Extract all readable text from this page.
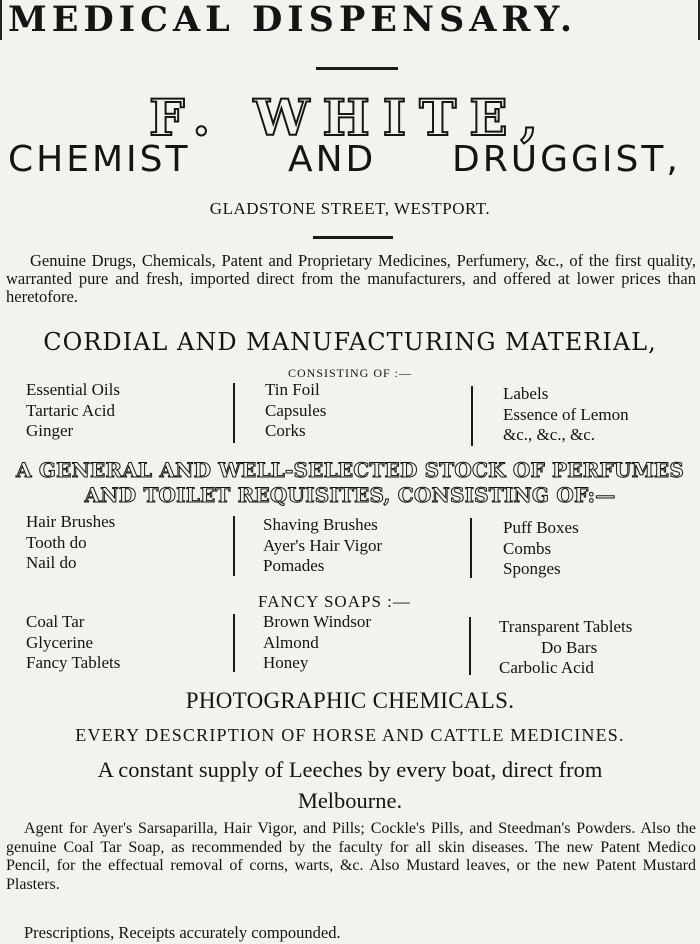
MEDICAL DISPENSARY.
F. WHITE,
CHEMIST	AND DRUGGIST,
GLADSTONE STREET, WESTPORT.

Genuine Drugs, Chemicals, Patent and Proprietary Medicines, Perfumery, &c., of the first quality, warranted pure and fresh, imported direct from the manufacturers, and offered at lower prices than heretofore.

CORDIAL AND MANUFACTURING MATERIAL,
CONSISTING OF :—
Essential Oils
Tartaric Acid
Ginger
Tin Foil
Capsules
Corks
Labels
Essence of Lemon
&c., &c., &c.
A GENERAL AND WELL-SELECTED STOCK OF PERFUMES
AND TOILET REQUISITES, CONSISTING OF:—
Hair Brushes
Tooth do
Nail do
Shaving Brushes
Ayer's Hair Vigor
Pomades
Puff Boxes
Combs
Sponges
FANCY SOAPS :—
Coal Tar
Glycerine
Fancy Tablets
Brown Windsor
Almond
Honey
Transparent Tablets
Do Bars
Carbolic Acid
PHOTOGRAPHIC CHEMICALS.
EVERY DESCRIPTION OF HORSE AND CATTLE MEDICINES.
A constant supply of Leeches by every boat, direct from
Melbourne.

Agent for Ayer's Sarsaparilla, Hair Vigor, and Pills; Cockle's Pills, and Steedman's Powders. Also the genuine Coal Tar Soap, as recommended by the faculty for all skin diseases. The new Patent Medico Pencil, for the effectual removal of corns, warts, &c. Also Mustard leaves, or the new Patent Mustard Plasters.

Prescriptions, Receipts accurately compounded.
